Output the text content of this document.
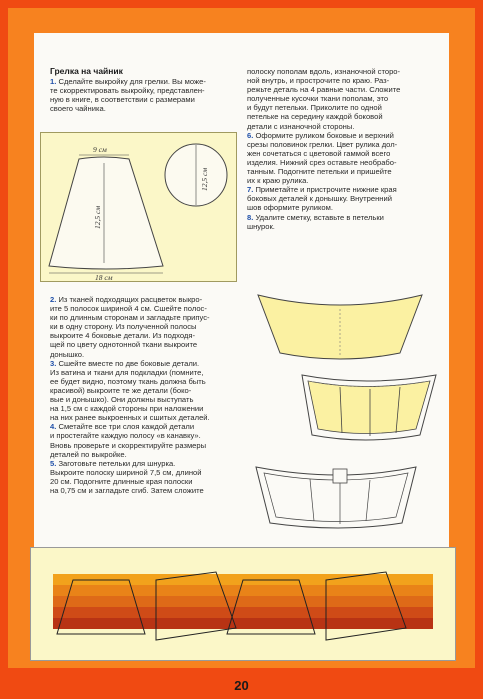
Грелка на чайник

1. Сделайте выкройку для грелки. Вы може-

те скорректировать выкройку, представлен-

ную в книге, в соответствии с размерами

своего чайника.

9 см
12,5 см
18 см
12,5 см

2. Из тканей подходящих расцветок выкро-

ите 5 полосок шириной 4 см. Сшейте полос-

ки по длинным сторонам и загладьте припус-

ки в одну сторону. Из полученной полосы

выкроите 4 боковые детали. Из подходя-

щей по цвету однотонной ткани выкроите

донышко.

3. Сшейте вместе по две боковые детали.

Из ватина и ткани для подкладки (помните,

ее будет видно, поэтому ткань должна быть

красивой) выкроите те же детали (боко-

вые и донышко). Они должны выступать

на 1,5 см с каждой стороны при наложении

на них ранее выкроенных и сшитых деталей.

4. Сметайте все три слоя каждой детали

и простегайте каждую полосу «в канавку».

Вновь проверьте и скорректируйте размеры

деталей по выкройке.

5. Заготовьте петельки для шнурка.

Выкроите полоску шириной 7,5 см, длиной

20 см. Подогните длинные края полоски

на 0,75 см и загладьте сгиб. Затем сложите

полоску пополам вдоль, изнаночной сторо-

ной внутрь, и прострочите по краю. Раз-

режьте деталь на 4 равные части. Сложите

полученные кусочки ткани пополам, это

и будут петельки. Приколите по одной

петельке на середину каждой боковой

детали с изнаночной стороны.

6. Оформите руликом боковые и верхний

срезы половинок грелки. Цвет рулика дол-

жен сочетаться с цветовой гаммой всего

изделия. Нижний срез оставьте необрабо-

танным. Подогните петельки и пришейте

их к краю рулика.

7. Приметайте и пристрочите нижние края

боковых деталей к донышку. Внутренний

шов оформите руликом.

8. Удалите сметку, вставьте в петельки

шнурок.

20
